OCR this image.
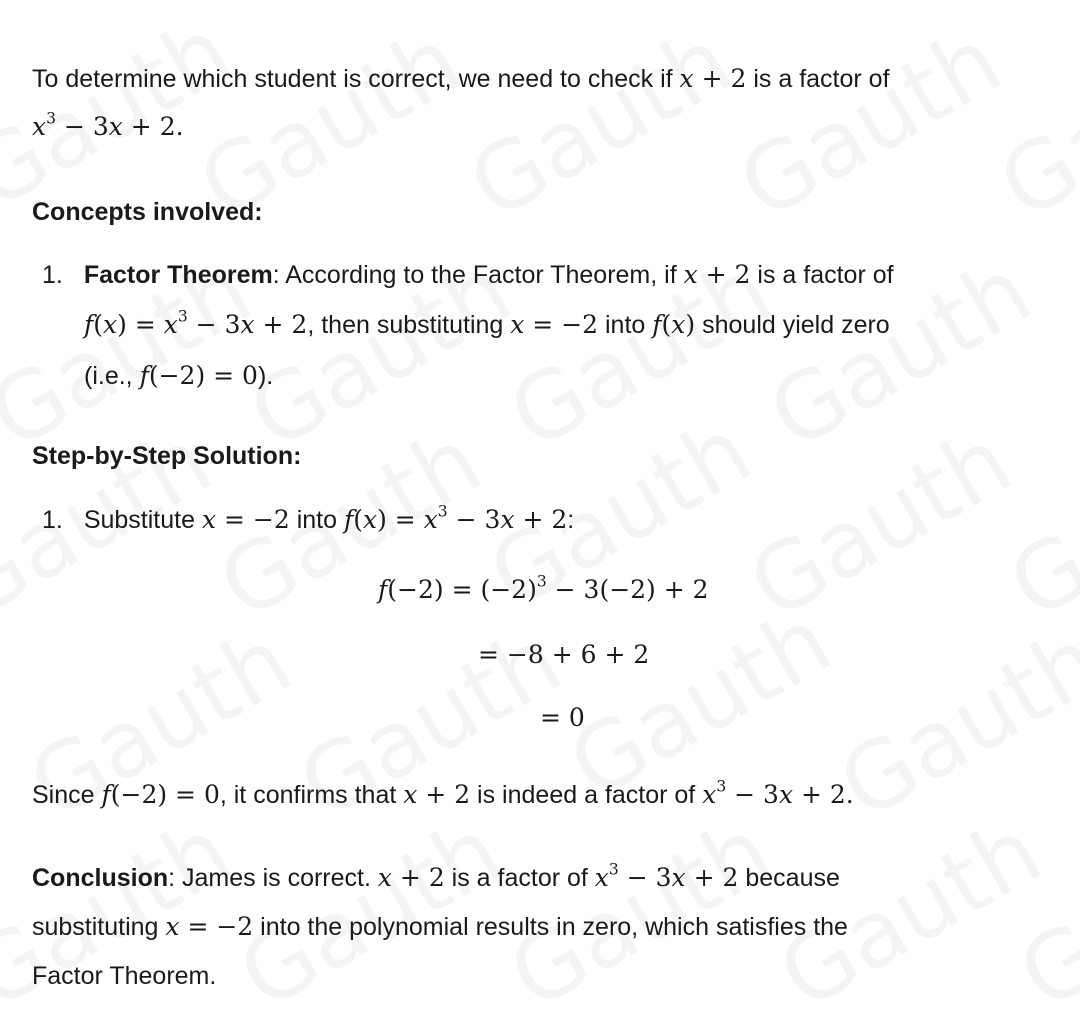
To determine which student is correct, we need to check if x + 2 is a factor of
$x^3 - 3x + 2$.
Concepts involved:
1. Factor Theorem: According to the Factor Theorem, if x + 2 is a factor of
$f(x) = x^3 - 3x + 2$, then substituting x = −2 into f(x) should yield zero
(i.e., f(−2) = 0).
Step-by-Step Solution:
1. Substitute x = −2 into $f(x) = x^3 - 3x + 2$:
$f(-2) = (-2)^3 - 3(-2) + 2$
= −8 + 6 + 2
= 0
Since f(−2) = 0, it confirms that x + 2 is indeed a factor of $x^3 - 3x + 2$.
Conclusion: James is correct. x + 2 is a factor of $x^3 - 3x + 2$ because
substituting x = −2 into the polynomial results in zero, which satisfies the
Factor Theorem.
